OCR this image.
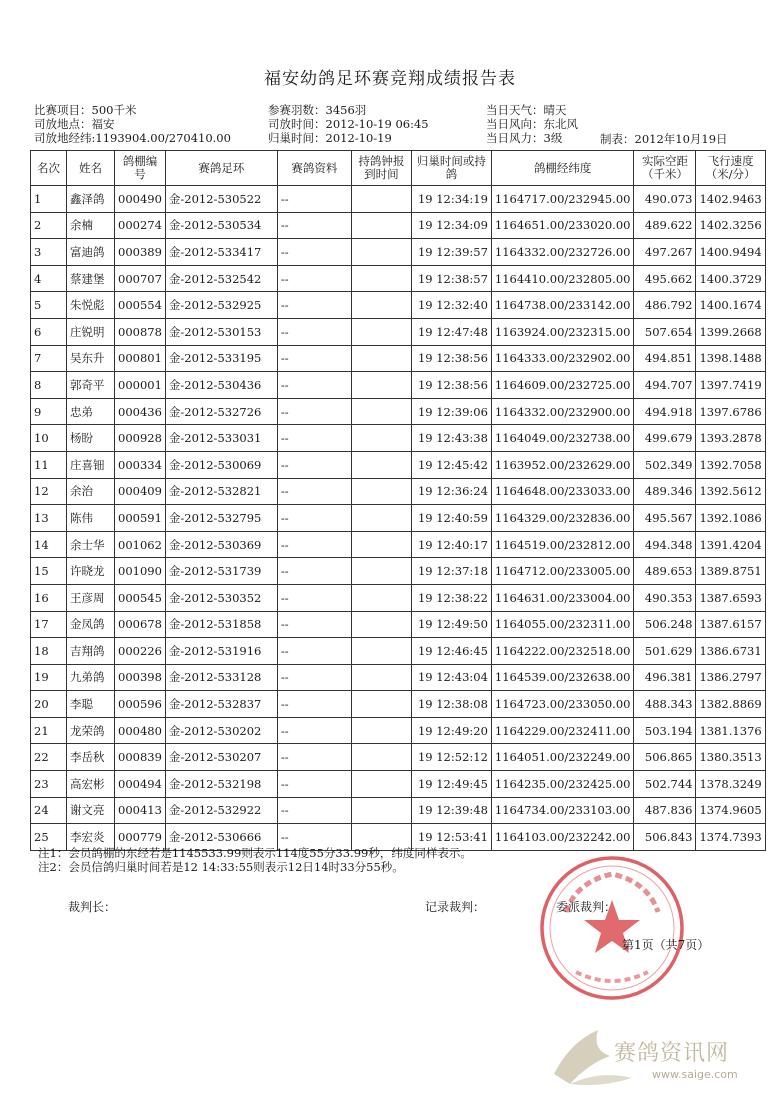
福安幼鸽足环赛竞翔成绩报告表
比赛项目：500千米
司放地点：福安
司放地经纬:1193904.00/270410.00
参赛羽数：3456羽
司放时间：2012-10-19 06:45
归巢时间：2012-10-19
当日天气：晴天
当日风向：东北风
当日风力：3级	制表：2012年10月19日
名次	姓名	鸽棚编号	赛鸽足环	赛鸽资料	持鸽钟报到时间	归巢时间或持鸽	鸽棚经纬度	实际空距（千米）	飞行速度（米/分）
1	鑫泽鸽	000490	金-2012-530522	--		19 12:34:19	1164717.00/232945.00	490.073	1402.9463
2	余楠	000274	金-2012-530534	--		19 12:34:09	1164651.00/233020.00	489.622	1402.3256
3	富迪鸽	000389	金-2012-533417	--		19 12:39:57	1164332.00/232726.00	497.267	1400.9494
4	蔡建堡	000707	金-2012-532542	--		19 12:38:57	1164410.00/232805.00	495.662	1400.3729
5	朱悦彪	000554	金-2012-532925	--		19 12:32:40	1164738.00/233142.00	486.792	1400.1674
6	庄锐明	000878	金-2012-530153	--		19 12:47:48	1163924.00/232315.00	507.654	1399.2668
7	吴东升	000801	金-2012-533195	--		19 12:38:56	1164333.00/232902.00	494.851	1398.1488
8	郭奇平	000001	金-2012-530436	--		19 12:38:56	1164609.00/232725.00	494.707	1397.7419
9	忠弟	000436	金-2012-532726	--		19 12:39:06	1164332.00/232900.00	494.918	1397.6786
10	杨盼	000928	金-2012-533031	--		19 12:43:38	1164049.00/232738.00	499.679	1393.2878
11	庄喜钿	000334	金-2012-530069	--		19 12:45:42	1163952.00/232629.00	502.349	1392.7058
12	余治	000409	金-2012-532821	--		19 12:36:24	1164648.00/233033.00	489.346	1392.5612
13	陈伟	000591	金-2012-532795	--		19 12:40:59	1164329.00/232836.00	495.567	1392.1086
14	余士华	001062	金-2012-530369	--		19 12:40:17	1164519.00/232812.00	494.348	1391.4204
15	许晓龙	001090	金-2012-531739	--		19 12:37:18	1164712.00/233005.00	489.653	1389.8751
16	王彦周	000545	金-2012-530352	--		19 12:38:22	1164631.00/233004.00	490.353	1387.6593
17	金凤鸽	000678	金-2012-531858	--		19 12:49:50	1164055.00/232311.00	506.248	1387.6157
18	吉翔鸽	000226	金-2012-531916	--		19 12:46:45	1164222.00/232518.00	501.629	1386.6731
19	九弟鸽	000398	金-2012-533128	--		19 12:43:04	1164539.00/232638.00	496.381	1386.2797
20	李聪	000596	金-2012-532837	--		19 12:38:08	1164723.00/233050.00	488.343	1382.8869
21	龙荣鸽	000480	金-2012-530202	--		19 12:49:20	1164229.00/232411.00	503.194	1381.1376
22	李岳秋	000839	金-2012-530207	--		19 12:52:12	1164051.00/232249.00	506.865	1380.3513
23	高宏彬	000494	金-2012-532198	--		19 12:49:45	1164235.00/232425.00	502.744	1378.3249
24	谢文亮	000413	金-2012-532922	--		19 12:39:48	1164734.00/233103.00	487.836	1374.9605
25	李宏炎	000779	金-2012-530666	--		19 12:53:41	1164103.00/232242.00	506.843	1374.7393
注1：会员鸽棚的东经若是1145533.99则表示114度55分33.99秒，纬度同样表示。
注2：会员信鸽归巢时间若是12 14:33:55则表示12日14时33分55秒。
裁判长：	记录裁判：	委派裁判：
第1页（共7页）
赛鸽资讯网
www.saige.com
